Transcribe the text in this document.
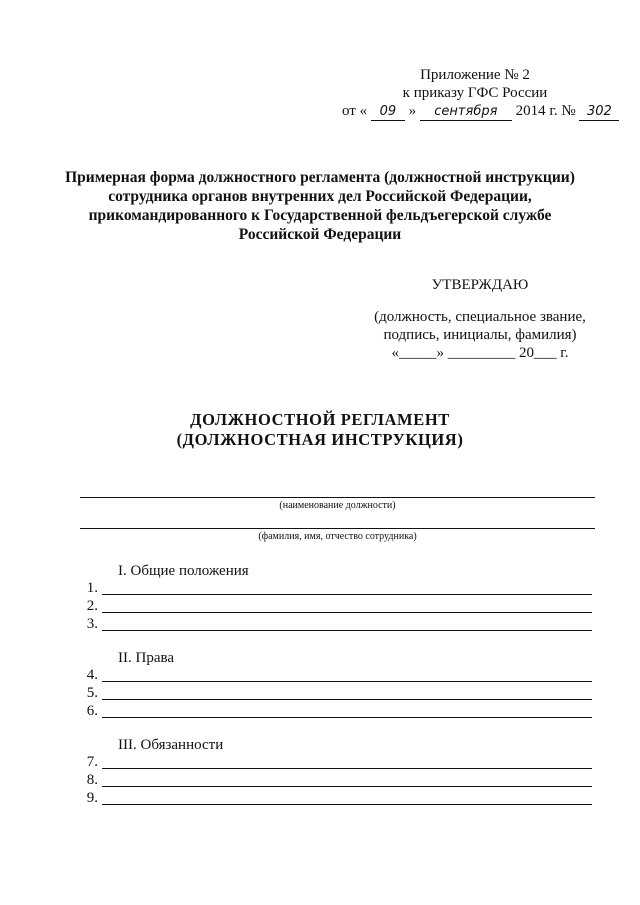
Приложение № 2
к приказу ГФС России
от « 09 » сентября 2014 г. № 302
Примерная форма должностного регламента (должностной инструкции)
сотрудника органов внутренних дел Российской Федерации,
прикомандированного к Государственной фельдъегерской службе
Российской Федерации
УТВЕРЖДАЮ
(должность, специальное звание,
подпись, инициалы, фамилия)
«_____» _________ 20___ г.
ДОЛЖНОСТНОЙ РЕГЛАМЕНТ
(ДОЛЖНОСТНАЯ ИНСТРУКЦИЯ)
(наименование должности)
(фамилия, имя, отчество сотрудника)
I. Общие положения
1.
2.
3.
II. Права
4.
5.
6.
III. Обязанности
7.
8.
9.
